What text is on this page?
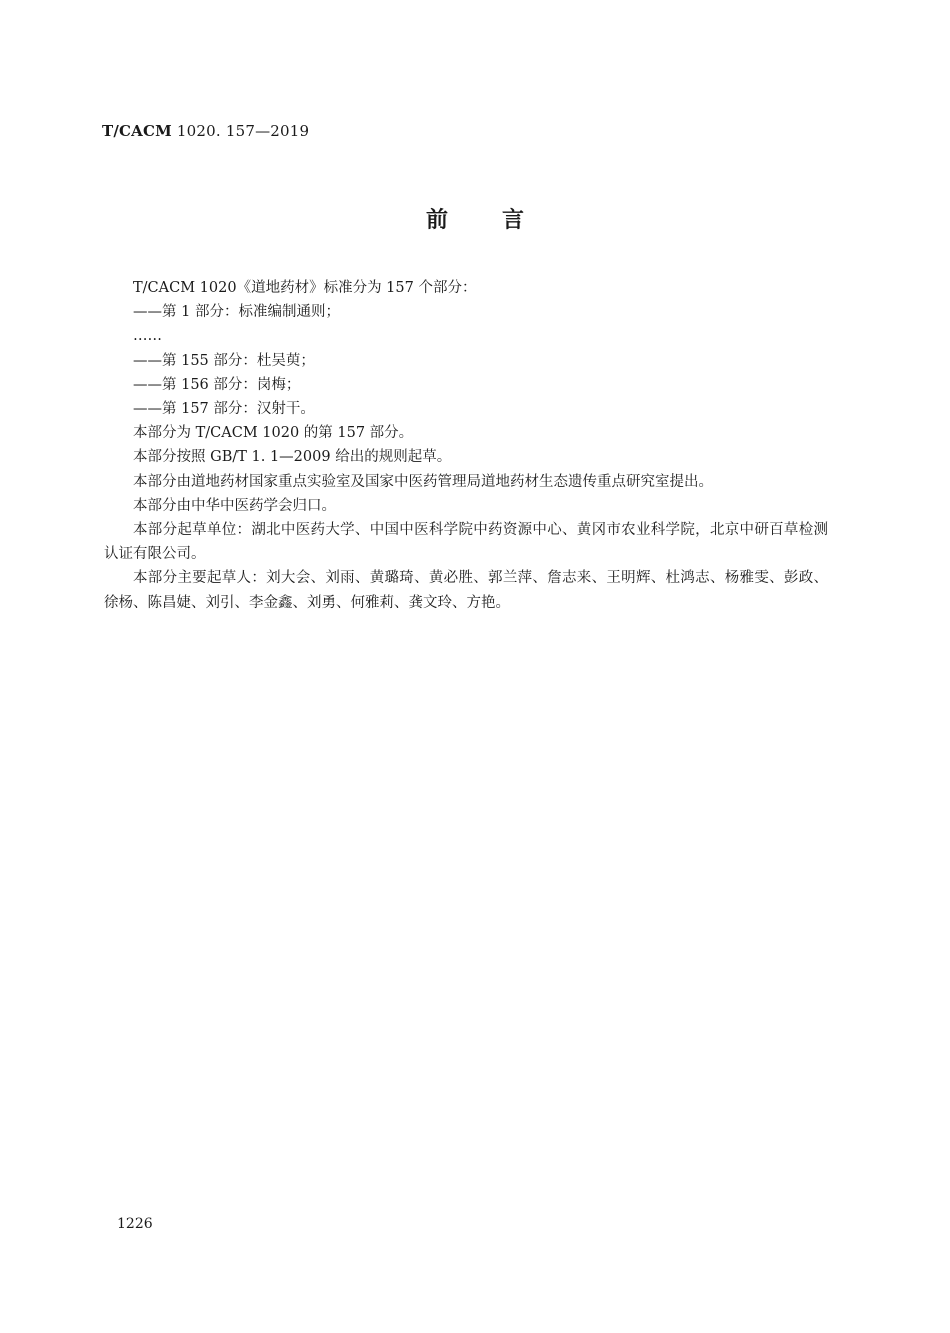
T/CACM 1020. 157—2019
前言

T/CACM 1020《道地药材》标准分为 157 个部分：

——第 1 部分：标准编制通则；

……

——第 155 部分：杜吴萸；

——第 156 部分：岗梅；

——第 157 部分：汉射干。

本部分为 T/CACM 1020 的第 157 部分。

本部分按照 GB/T 1. 1—2009 给出的规则起草。

本部分由道地药材国家重点实验室及国家中医药管理局道地药材生态遗传重点研究室提出。

本部分由中华中医药学会归口。

本部分起草单位：湖北中医药大学、中国中医科学院中药资源中心、黄冈市农业科学院，北京中研百草检测认证有限公司。

本部分主要起草人：刘大会、刘雨、黄璐琦、黄必胜、郭兰萍、詹志来、王明辉、杜鸿志、杨雅雯、彭政、徐杨、陈昌婕、刘引、李金鑫、刘勇、何雅莉、龚文玲、方艳。

1226
